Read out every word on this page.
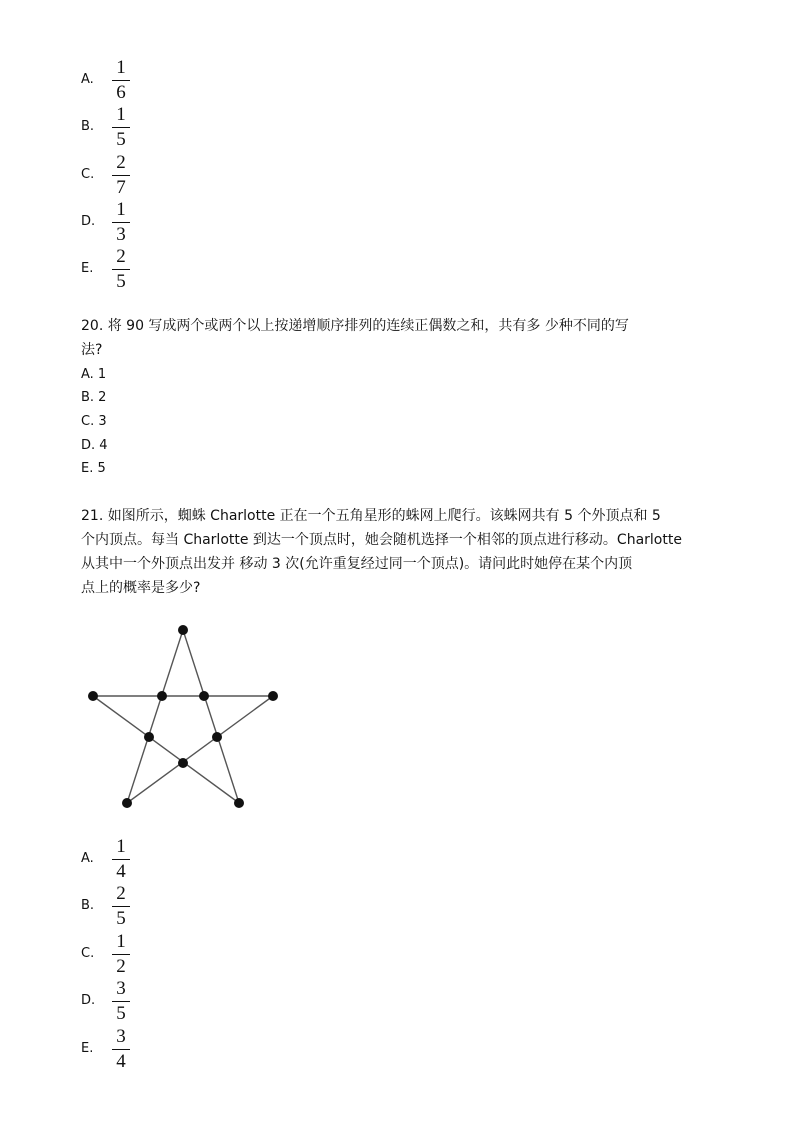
A.
1
6
B.
1
5
C.
2
7
D.
1
3
E.
2
5
20. 将 90 写成两个或两个以上按递增顺序排列的连续正偶数之和，共有多 少种不同的写
法?
A. 1
B. 2
C. 3
D. 4
E. 5
21. 如图所示，蜘蛛 Charlotte 正在一个五角星形的蛛网上爬行。该蛛网共有 5 个外顶点和 5
个内顶点。每当 Charlotte 到达一个顶点时，她会随机选择一个相邻的顶点进行移动。Charlotte
从其中一个外顶点出发并 移动 3 次(允许重复经过同一个顶点)。请问此时她停在某个内顶
点上的概率是多少?
A.
1
4
B.
2
5
C.
1
2
D.
3
5
E.
3
4
